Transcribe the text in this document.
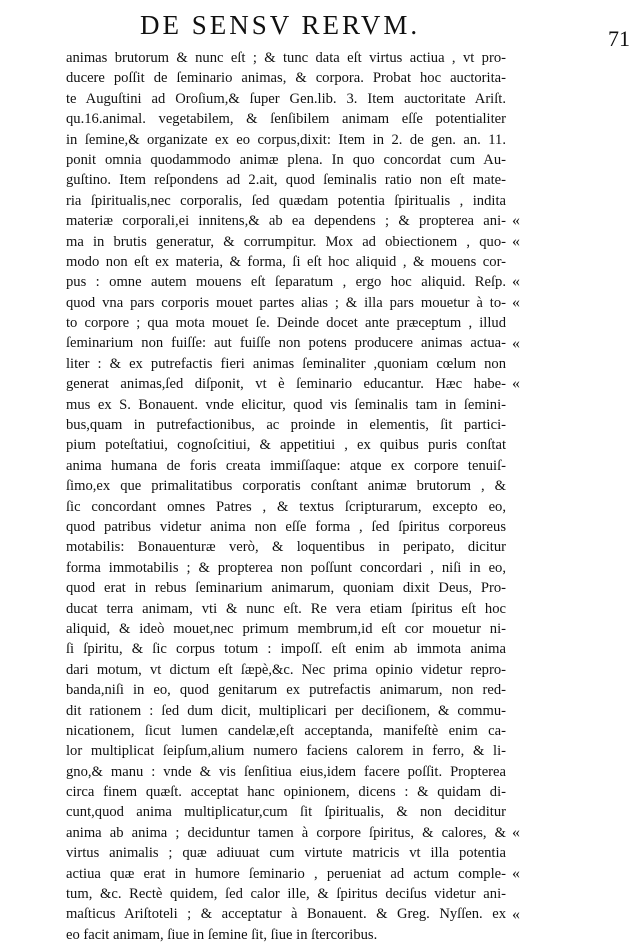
DE SENSV RERVM.	71
animas brutorum & nunc eſt ; & tunc data eſt virtus actiua , vt pro-
ducere poſſit de ſeminario animas, & corpora. Probat hoc auctorita-
te Auguſtini ad Oroſium,& ſuper Gen.lib. 3. Item auctoritate Ariſt.
qu.16.animal. vegetabilem, & ſenſibilem animam eſſe potentialiter
in ſemine,& organizate ex eo corpus,dixit: Item in 2. de gen. an. 11.
ponit omnia quodammodo animæ plena. In quo concordat cum Au-
guſtino. Item reſpondens ad 2.ait, quod ſeminalis ratio non eſt mate-
ria ſpiritualis,nec corporalis, ſed quædam potentia ſpiritualis , indita
materiæ corporali,ei innitens,& ab ea dependens ; & propterea ani-
ma in brutis generatur, & corrumpitur. Mox ad obiectionem , quo-
modo non eſt ex materia, & forma, ſi eſt hoc aliquid , & mouens cor-
pus : omne autem mouens eſt ſeparatum , ergo hoc aliquid. Reſp.
quod vna pars corporis mouet partes alias ; & illa pars mouetur à to-
to corpore ; qua mota mouet ſe. Deinde docet ante præceptum , illud
ſeminarium non fuiſſe: aut fuiſſe non potens producere animas actua-
liter : & ex putrefactis fieri animas ſeminaliter ,quoniam cœlum non
generat animas,ſed diſponit, vt è ſeminario educantur. Hæc habe-
mus ex S. Bonauent. vnde elicitur, quod vis ſeminalis tam in ſemini-
bus,quam in putrefactionibus, ac proinde in elementis, ſit partici-
pium poteſtatiui, cognoſcitiui, & appetitiui , ex quibus puris conſtat
anima humana de foris creata immiſſaque: atque ex corpore tenuiſ-
ſimo,ex que primalitatibus corporatis conſtant animæ brutorum , &
ſic concordant omnes Patres , & textus ſcripturarum, excepto eo,
quod patribus videtur anima non eſſe forma , ſed ſpiritus corporeus
motabilis: Bonauenturæ verò, & loquentibus in peripato, dicitur
forma immotabilis ; & propterea non poſſunt concordari , niſi in eo,
quod erat in rebus ſeminarium animarum, quoniam dixit Deus, Pro-
ducat terra animam, vti & nunc eſt. Re vera etiam ſpiritus eſt hoc
aliquid, & ideò mouet,nec primum membrum,id eſt cor mouetur ni-
ſi ſpiritu, & ſic corpus totum : impoſſ. eſt enim ab immota anima
dari motum, vt dictum eſt ſæpè,&c. Nec prima opinio videtur repro-
banda,niſi in eo, quod genitarum ex putrefactis animarum, non red-
dit rationem : ſed dum dicit, multiplicari per deciſionem, & commu-
nicationem, ſicut lumen candelæ,eſt acceptanda, manifeſtè enim ca-
lor multiplicat ſeipſum,alium numero faciens calorem in ferro, & li-
gno,& manu : vnde & vis ſenſitiua eius,idem facere poſſit. Propterea
circa finem quæſt. acceptat hanc opinionem, dicens : & quidam di-
cunt,quod anima multiplicatur,cum ſit ſpiritualis, & non deciditur
anima ab anima ; deciduntur tamen à corpore ſpiritus, & calores, &
virtus animalis ; quæ adiuuat cum virtute matricis vt illa potentia
actiua quæ erat in humore ſeminario , perueniat ad actum comple-
tum, &c. Rectè quidem, ſed calor ille, & ſpiritus deciſus videtur ani-
maſticus Ariſtoteli ; & acceptatur à Bonauent. & Greg. Nyſſen. ex
eo facit animam, ſiue in ſemine ſit, ſiue in ſtercoribus.
«
«
«
«
«
«
«
«
«
